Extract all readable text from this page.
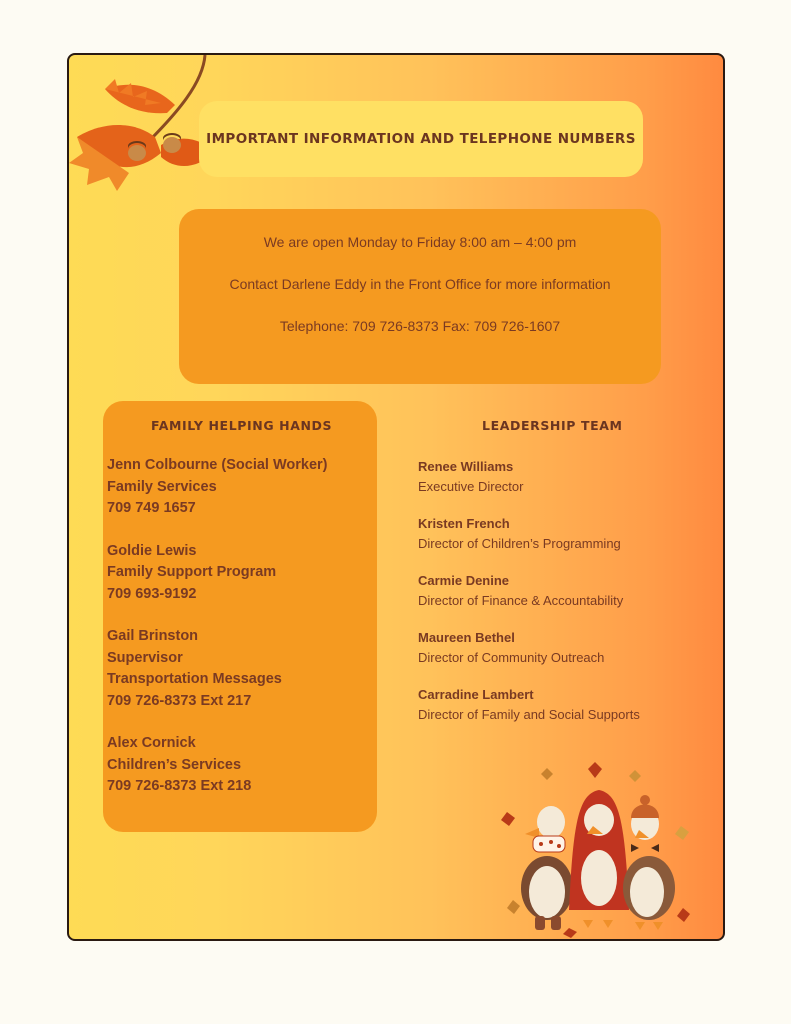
IMPORTANT INFORMATION AND TELEPHONE NUMBERS

We are open Monday to Friday 8:00 am – 4:00 pm

Contact Darlene Eddy in the Front Office for more information

Telephone: 709 726-8373 Fax: 709 726-1607

FAMILY HELPING HANDS
Jenn Colbourne (Social Worker)
Family Services
709 749 1657
Goldie Lewis
Family Support Program
709 693-9192
Gail Brinston
Supervisor
Transportation Messages
709 726-8373 Ext 217
Alex Cornick
Children’s Services
709 726-8373 Ext 218
LEADERSHIP TEAM
Renee Williams
Executive Director
Kristen French
Director of Children’s Programming
Carmie Denine
Director of Finance & Accountability
Maureen Bethel
Director of Community Outreach
Carradine Lambert
Director of Family and Social Supports
